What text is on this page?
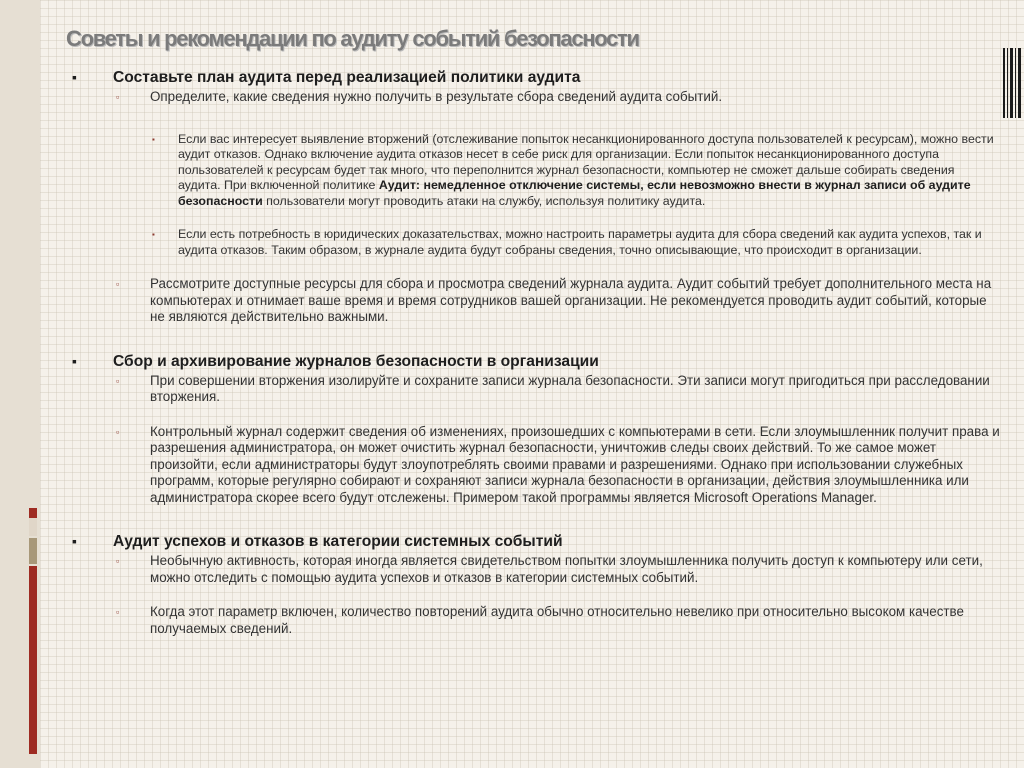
Советы и рекомендации по аудиту событий безопасности
▪ Составьте план аудита перед реализацией политики аудита
▫ Определите, какие сведения нужно получить в результате сбора сведений аудита событий.
▪ Если вас интересует выявление вторжений (отслеживание попыток несанкционированного доступа пользователей к ресурсам), можно вести аудит отказов. Однако включение аудита отказов несет в себе риск для организации. Если попыток несанкционированного доступа пользователей к ресурсам будет так много, что переполнится журнал безопасности, компьютер не сможет дальше собирать сведения аудита. При включенной политике Аудит: немедленное отключение системы, если невозможно внести в журнал записи об аудите безопасности пользователи могут проводить атаки на службу, используя политику аудита.
▪ Если есть потребность в юридических доказательствах, можно настроить параметры аудита для сбора сведений как аудита успехов, так и аудита отказов. Таким образом, в журнале аудита будут собраны сведения, точно описывающие, что происходит в организации.
▫ Рассмотрите доступные ресурсы для сбора и просмотра сведений журнала аудита. Аудит событий требует дополнительного места на компьютерах и отнимает ваше время и время сотрудников вашей организации. Не рекомендуется проводить аудит событий, которые не являются действительно важными.
▪ Сбор и архивирование журналов безопасности в организации
▫ При совершении вторжения изолируйте и сохраните записи журнала безопасности. Эти записи могут пригодиться при расследовании вторжения.
▫ Контрольный журнал содержит сведения об изменениях, произошедших с компьютерами в сети. Если злоумышленник получит права и разрешения администратора, он может очистить журнал безопасности, уничтожив следы своих действий. То же самое может произойти, если администраторы будут злоупотреблять своими правами и разрешениями. Однако при использовании служебных программ, которые регулярно собирают и сохраняют записи журнала безопасности в организации, действия злоумышленника или администратора скорее всего будут отслежены. Примером такой программы является Microsoft Operations Manager.
▪ Аудит успехов и отказов в категории системных событий
▫ Необычную активность, которая иногда является свидетельством попытки злоумышленника получить доступ к компьютеру или сети, можно отследить с помощью аудита успехов и отказов в категории системных событий.
▫ Когда этот параметр включен, количество повторений аудита обычно относительно невелико при относительно высоком качестве получаемых сведений.
